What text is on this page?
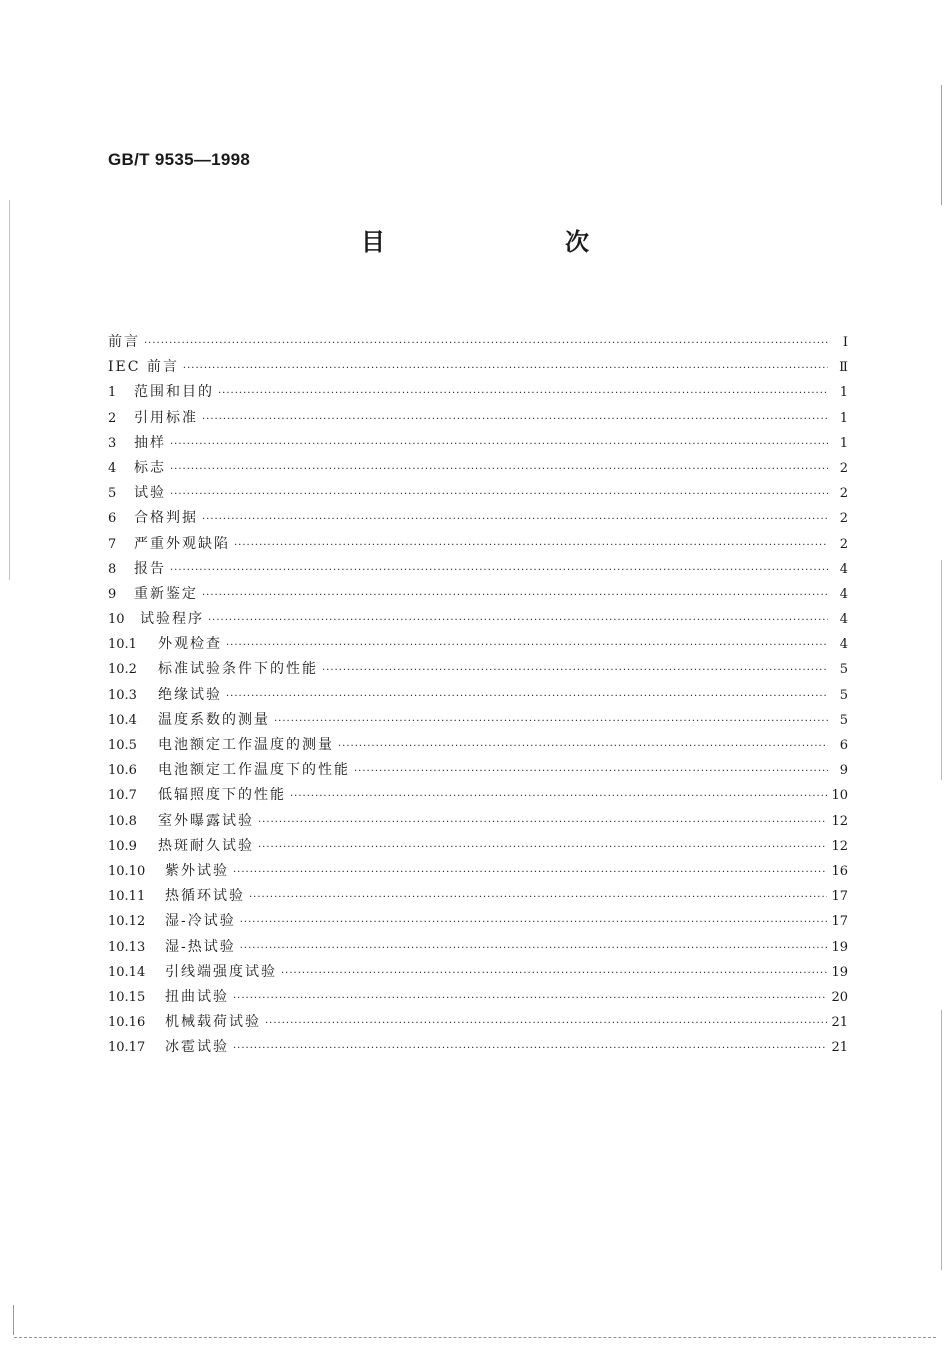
GB/T 9535—1998
目　次
前言 ·····	I
IEC 前言 ·····	Ⅱ
1	范围和目的 ·····	1
2	引用标准 ·····	1
3	抽样 ·····	1
4	标志 ·····	2
5	试验 ·····	2
6	合格判据 ·····	2
7	严重外观缺陷 ·····	2
8	报告 ·····	4
9	重新鉴定 ·····	4
10	试验程序 ·····	4
10.1	外观检查 ·····	4
10.2	标准试验条件下的性能 ·····	5
10.3	绝缘试验 ·····	5
10.4	温度系数的测量 ·····	5
10.5	电池额定工作温度的测量 ·····	6
10.6	电池额定工作温度下的性能 ·····	9
10.7	低辐照度下的性能 ·····	10
10.8	室外曝露试验 ·····	12
10.9	热斑耐久试验 ·····	12
10.10	紫外试验 ·····	16
10.11	热循环试验 ·····	17
10.12	湿-冷试验 ·····	17
10.13	湿-热试验 ·····	19
10.14	引线端强度试验 ·····	19
10.15	扭曲试验 ·····	20
10.16	机械载荷试验 ·····	21
10.17	冰雹试验 ·····	21
